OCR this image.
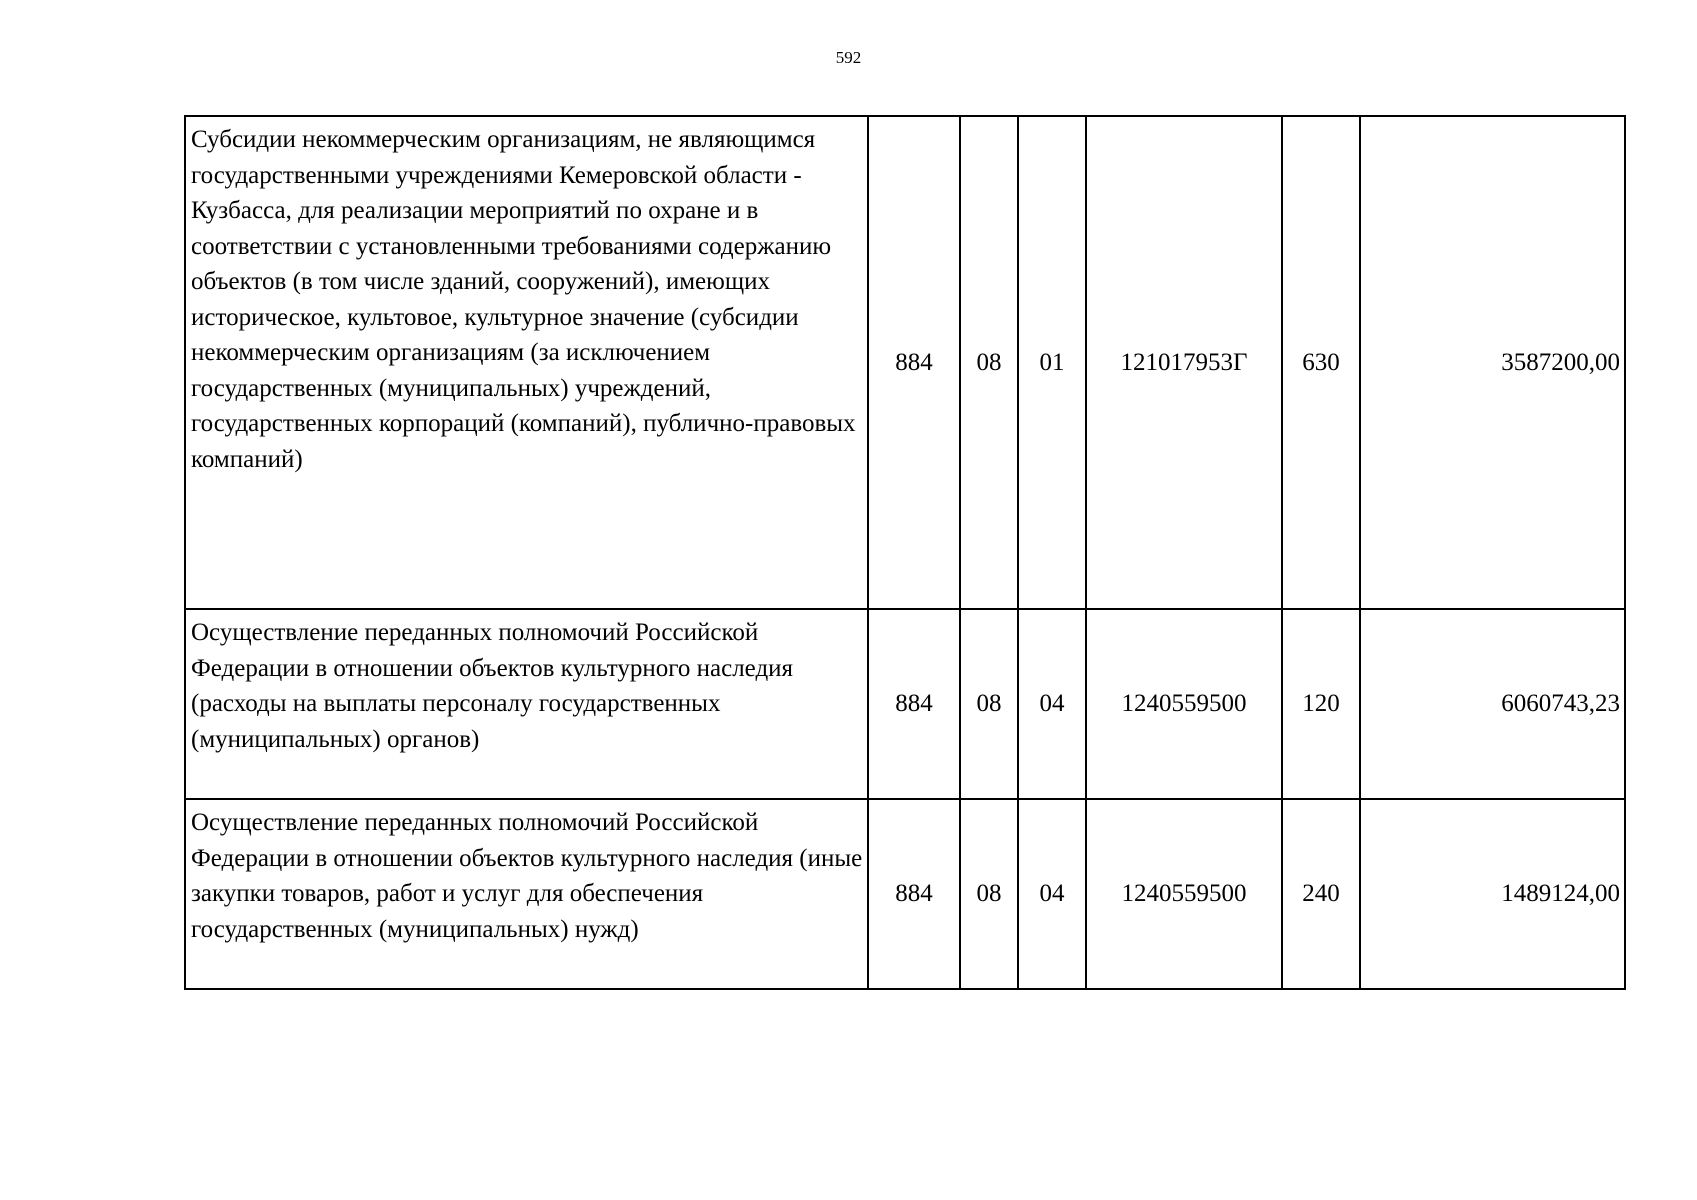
592
Субсидии некоммерческим организациям, не являющимся государственными учреждениями Кемеровской области - Кузбасса, для реализации мероприятий по охране и в соответствии с установленными требованиями содержанию объектов (в том числе зданий, сооружений), имеющих историческое, культовое, культурное значение (субсидии некоммерческим организациям (за исключением государственных (муниципальных) учреждений, государственных корпораций (компаний), публично-правовых компаний)	884	08	01	121017953Г	630	3587200,00
Осуществление переданных полномочий Российской Федерации в отношении объектов культурного наследия (расходы на выплаты персоналу государственных (муниципальных) органов)	884	08	04	1240559500	120	6060743,23
Осуществление переданных полномочий Российской Федерации в отношении объектов культурного наследия (иные закупки товаров, работ и услуг для обеспечения государственных (муниципальных) нужд)	884	08	04	1240559500	240	1489124,00
